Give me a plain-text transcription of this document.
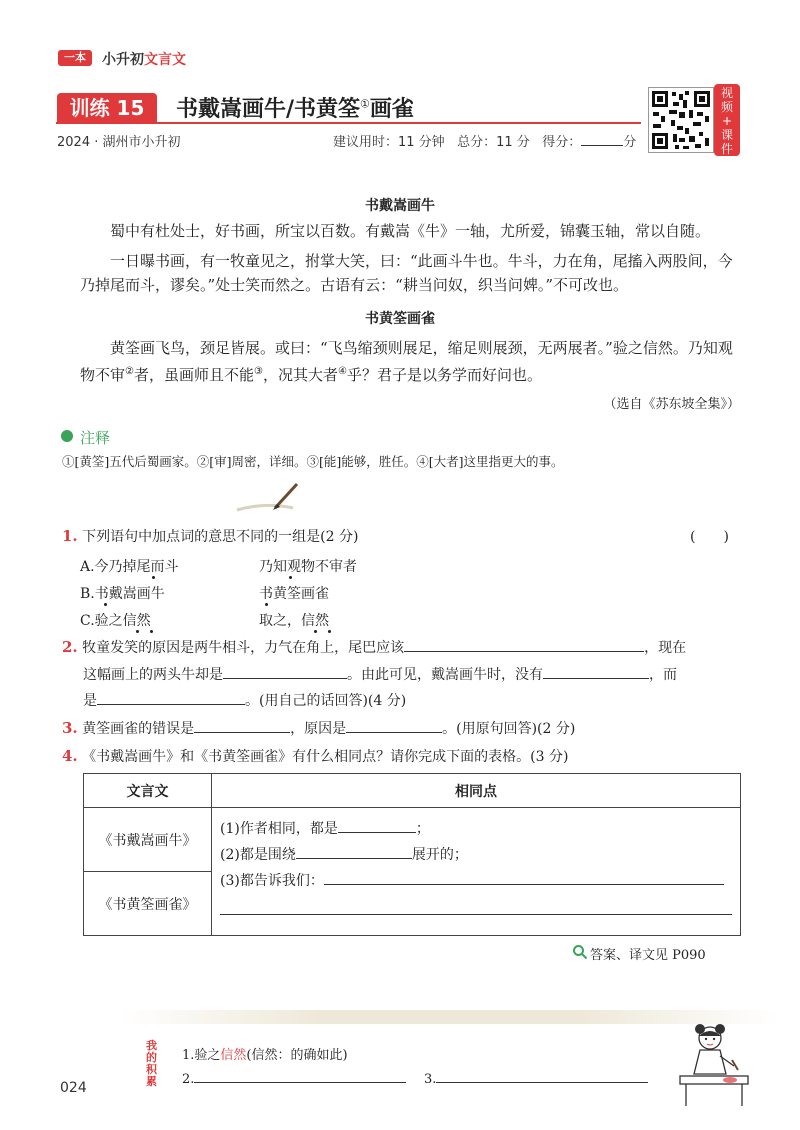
一本	小升初文言文
训练 15	书戴嵩画牛/书黄筌①画雀
2024 · 湖州市小升初	建议用时：11 分钟 总分：11 分 得分：	分
视
频
+
课
件
书戴嵩画牛
蜀中有杜处士，好书画，所宝以百数。有戴嵩《牛》一轴，尤所爱，锦囊玉轴，常以自随。
一日曝书画，有一牧童见之，拊掌大笑，曰：“此画斗牛也。牛斗，力在角，尾搐入两股间，今乃掉尾而斗，谬矣。”处士笑而然之。古语有云：“耕当问奴，织当问婢。”不可改也。
书黄筌画雀
黄筌画飞鸟，颈足皆展。或曰：“飞鸟缩颈则展足，缩足则展颈，无两展者。”验之信然。乃知观物不审②者，虽画师且不能③，况其大者④乎？君子是以务学而好问也。
（选自《苏东坡全集》）
注释
①[黄筌]五代后蜀画家。②[审]周密，详细。③[能]能够，胜任。④[大者]这里指更大的事。
1. 下列语句中加点词的意思不同的一组是(2 分)	(　　)
A.今乃掉尾而斗	乃知观物不审者
B.书戴嵩画牛	书黄筌画雀
C.验之信然	取之，信然
2. 牧童发笑的原因是两牛相斗，力气在角上，尾巴应该	，现在
这幅画上的两头牛却是	。由此可见，戴嵩画牛时，没有	，而
是	。(用自己的话回答)(4 分)
3. 黄筌画雀的错误是	，原因是	。(用原句回答)(2 分)
4. 《书戴嵩画牛》和《书黄筌画雀》有什么相同点？请你完成下面的表格。(3 分)
文言文	相同点
《书戴嵩画牛》	(1)作者相同，都是 ；
(2)都是围绕 展开的；
(3)都告诉我们：

《书黄筌画雀》	
答案、译文见 P090
我的积累
1.验之信然(信然：的确如此)
2.	3.
024
